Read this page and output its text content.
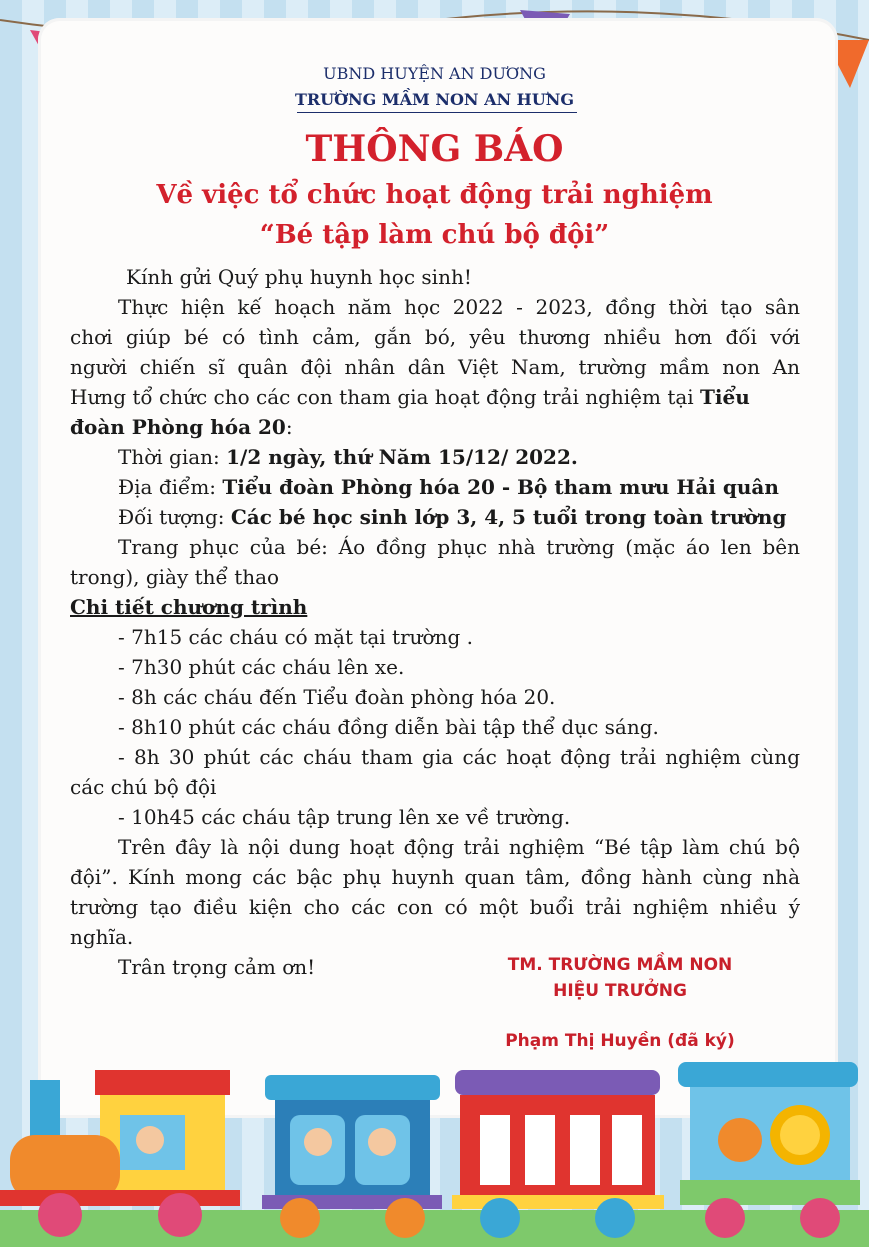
UBND HUYỆN AN DƯƠNG
TRƯỜNG MẦM NON AN HƯNG
THÔNG BÁO
Về việc tổ chức hoạt động trải nghiệm
“Bé tập làm chú bộ đội”
Kính gửi Quý phụ huynh học sinh!
Thực hiện kế hoạch năm học 2022 - 2023, đồng thời tạo sân
chơi giúp bé có tình cảm, gắn bó, yêu thương nhiều hơn đối với
người chiến sĩ quân đội nhân dân Việt Nam, trường mầm non An
Hưng tổ chức cho các con tham gia hoạt động trải nghiệm tại Tiểu
đoàn Phòng hóa 20:
Thời gian: 1/2 ngày, thứ Năm 15/12/ 2022.
Địa điểm: Tiểu đoàn Phòng hóa 20 - Bộ tham mưu Hải quân
Đối tượng: Các bé học sinh lớp 3, 4, 5 tuổi trong toàn trường
Trang phục của bé: Áo đồng phục nhà trường (mặc áo len bên
trong), giày thể thao
Chi tiết chương trình
- 7h15 các cháu có mặt tại trường .
- 7h30 phút các cháu lên xe.
- 8h các cháu đến Tiểu đoàn phòng hóa 20.
- 8h10 phút các cháu đồng diễn bài tập thể dục sáng.
- 8h 30 phút các cháu tham gia các hoạt động trải nghiệm cùng
các chú bộ đội
- 10h45 các cháu tập trung lên xe về trường.
Trên đây là nội dung hoạt động trải nghiệm “Bé tập làm chú bộ
đội”. Kính mong các bậc phụ huynh quan tâm, đồng hành cùng nhà
trường tạo điều kiện cho các con có một buổi trải nghiệm nhiều ý
nghĩa.
Trân trọng cảm ơn!	TM. TRƯỜNG MẦM NON
HIỆU TRƯỞNG
Phạm Thị Huyền (đã ký)
